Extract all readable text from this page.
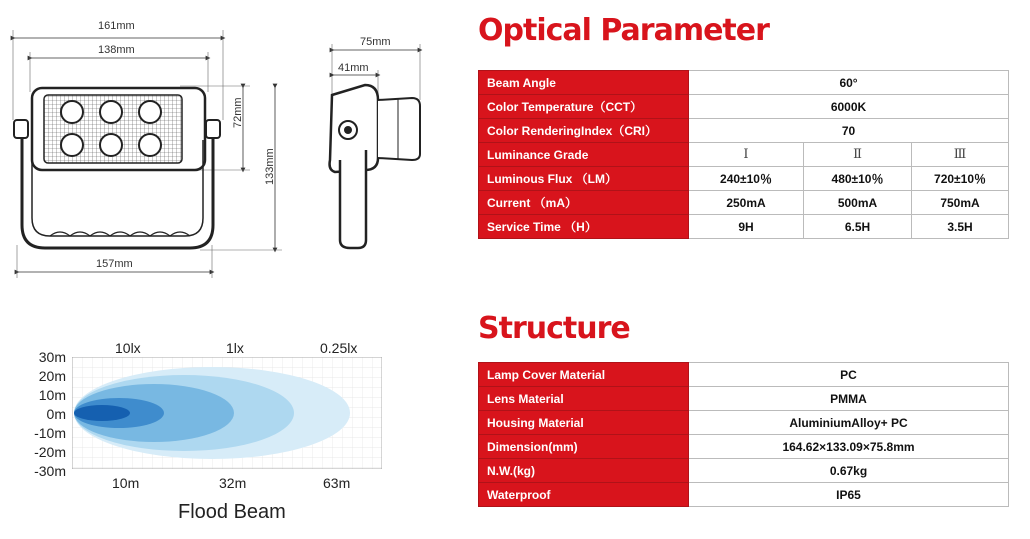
161mm
138mm
157mm
72mm
133mm
75mm
41mm
10lx	1lx	0.25lx
30m
20m
10m
0m
-10m
-20m
-30m
10m	32m	63m
Flood Beam
Optical Parameter
Beam Angle	60°		
Color Temperature（CCT）	6000K		
Color RenderingIndex（CRI）	70		
Luminance Grade	Ⅰ	Ⅱ	Ⅲ
Luminous Flux （LM）	240±10％	480±10％	720±10％
Current （mA）	250mA	500mA	750mA
Service Time （H）	9H	6.5H	3.5H
Structure
Lamp Cover Material	PC
Lens Material	PMMA
Housing Material	AluminiumAlloy+ PC
Dimension(mm)	164.62×133.09×75.8mm
N.W.(kg)	0.67kg
Waterproof	IP65
